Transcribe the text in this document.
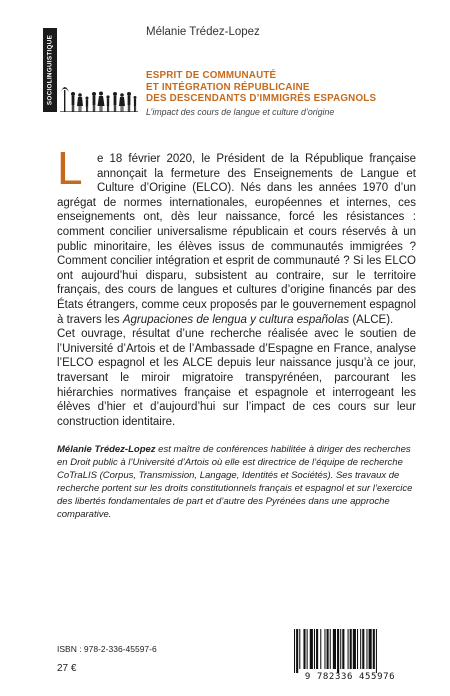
SOCIOLINGUISTIQUE
Mélanie Trédez-Lopez
ESPRIT DE COMMUNAUTÉ
ET INTÉGRATION RÉPUBLICAINE
DES DESCENDANTS D’IMMIGRÉS ESPAGNOLS
L’impact des cours de langue et culture d’origine
L	e 18 février 2020, le Président de la République française annonçait la fermeture des Enseignements de Langue et Culture d’Origine (ELCO). Nés dans les années 1970 d’un agrégat de normes internationales, européennes et internes, ces enseignements ont, dès leur naissance, forcé les résistances : comment concilier universalisme républicain et cours réservés à un public minoritaire, les élèves issus de communautés immigrées ? Comment concilier intégration et esprit de communauté ? Si les ELCO ont aujourd’hui disparu, subsistent au contraire, sur le territoire français, des cours de langues et cultures d’origine financés par des États étrangers, comme ceux proposés par le gouvernement espagnol à travers les Agrupaciones de lengua y cultura españolas (ALCE).

Cet ouvrage, résultat d’une recherche réalisée avec le soutien de l’Université d’Artois et de l’Ambassade d’Espagne en France, analyse l’ELCO espagnol et les ALCE depuis leur naissance jusqu’à ce jour, traversant le miroir migratoire transpyrénéen, parcourant les hiérarchies normatives française et espagnole et interrogeant les élèves d’hier et d’aujourd’hui sur l’impact de ces cours sur leur construction identitaire.

Mélanie Trédez-Lopez est maître de conférences habilitée à diriger des recherches en Droit public à l’Université d’Artois où elle est directrice de l’équipe de recherche CoTraLIS (Corpus, Transmission, Langage, Identités et Sociétés). Ses travaux de recherche portent sur les droits constitutionnels français et espagnol et sur l’exercice des libertés fondamentales de part et d’autre des Pyrénées dans une approche comparative.
ISBN : 978-2-336-45597-6
27 €
9 782336 455976
